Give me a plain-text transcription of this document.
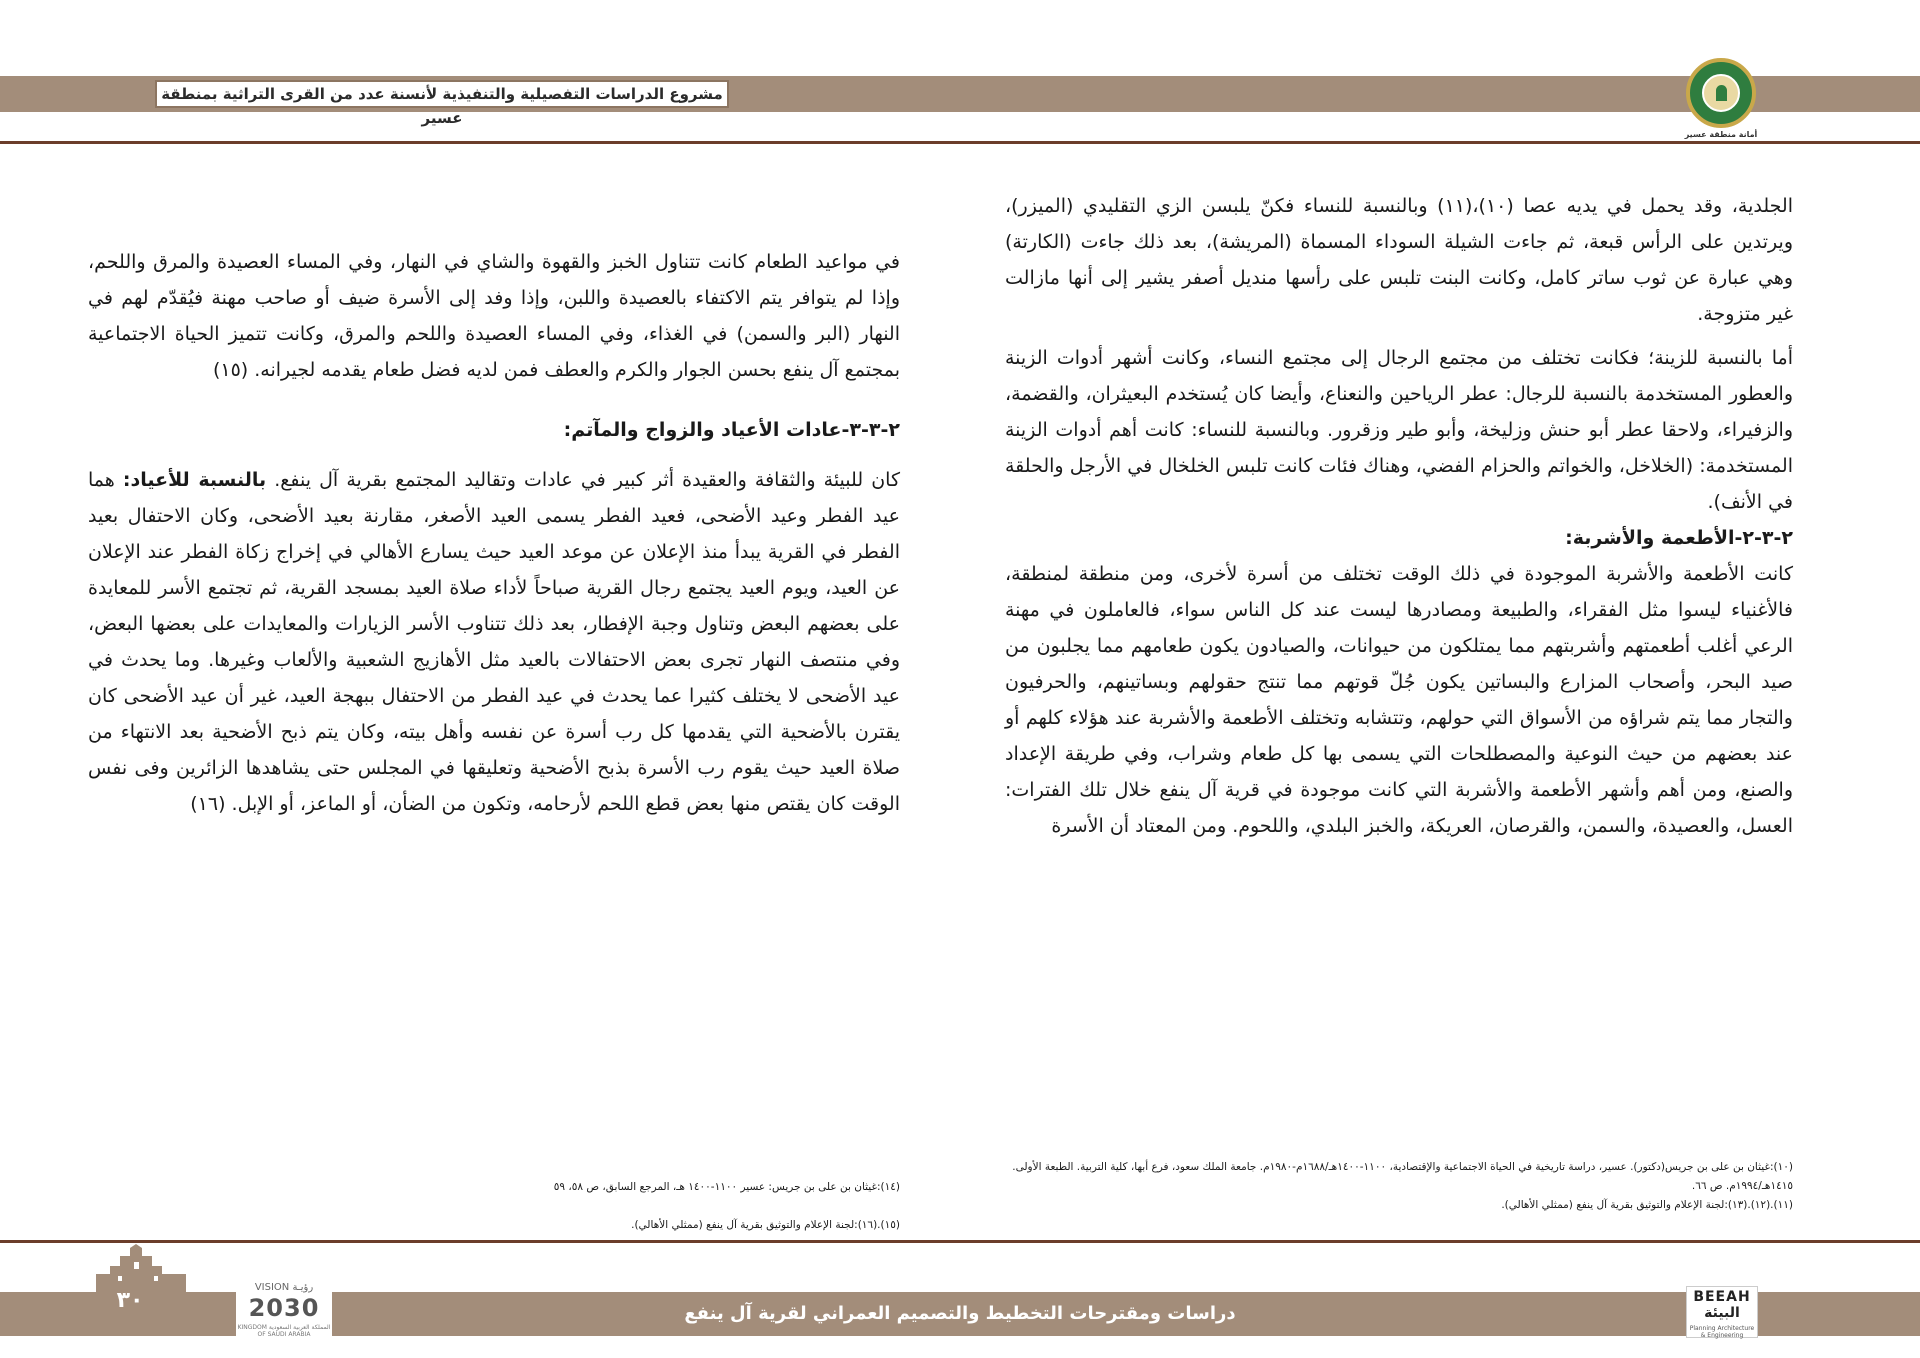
مشروع الدراسات التفصيلية والتنفيذية لأنسنة عدد من القرى التراثية بمنطقة عسير
أمانة منطقة عسير

الجلدية، وقد يحمل في يديه عصا (١٠)،(١١) وبالنسبة للنساء فكنّ يلبسن الزي التقليدي (الميزر)، ويرتدين على الرأس قبعة، ثم جاءت الشيلة السوداء المسماة (المريشة)، بعد ذلك جاءت (الكارتة) وهي عبارة عن ثوب ساتر كامل، وكانت البنت تلبس على رأسها منديل أصفر يشير إلى أنها مازالت غير متزوجة.

أما بالنسبة للزينة؛ فكانت تختلف من مجتمع الرجال إلى مجتمع النساء، وكانت أشهر أدوات الزينة والعطور المستخدمة بالنسبة للرجال: عطر الرياحين والنعناع، وأيضا كان يُستخدم البعيثران، والقضمة، والزفيراء، ولاحقا عطر أبو حنش وزليخة، وأبو طير وزقرور. وبالنسبة للنساء: كانت أهم أدوات الزينة المستخدمة: (الخلاخل، والخواتم والحزام الفضي، وهناك فئات كانت تلبس الخلخال في الأرجل والحلقة في الأنف).

٢-٣-٢-الأطعمة والأشربة:

كانت الأطعمة والأشربة الموجودة في ذلك الوقت تختلف من أسرة لأخرى، ومن منطقة لمنطقة، فالأغنياء ليسوا مثل الفقراء، والطبيعة ومصادرها ليست عند كل الناس سواء، فالعاملون في مهنة الرعي أغلب أطعمتهم وأشربتهم مما يمتلكون من حيوانات، والصيادون يكون طعامهم مما يجلبون من صيد البحر، وأصحاب المزارع والبساتين يكون جُلّ قوتهم مما تنتج حقولهم وبساتينهم، والحرفيون والتجار مما يتم شراؤه من الأسواق التي حولهم، وتتشابه وتختلف الأطعمة والأشربة عند هؤلاء كلهم أو عند بعضهم من حيث النوعية والمصطلحات التي يسمى بها كل طعام وشراب، وفي طريقة الإعداد والصنع، ومن أهم وأشهر الأطعمة والأشربة التي كانت موجودة في قرية آل ينفع خلال تلك الفترات: العسل، والعصيدة، والسمن، والقرصان، العريكة، والخبز البلدي، واللحوم. ومن المعتاد أن الأسرة

(١٠):غيثان بن على بن جريس(دكتور). عسير، دراسة تاريخية في الحياة الاجتماعية والإقتصادية، ١١٠٠-١٤٠٠هـ/١٦٨٨م-١٩٨٠م. جامعة الملك سعود، فرع أبها، كلية التربية. الطبعة الأولى. ١٤١٥هـ/١٩٩٤م. ص ٦٦.
(١١).(١٢).(١٣):لجنة الإعلام والتوثيق بقرية آل ينفع (ممثلي الأهالي).

في مواعيد الطعام كانت تتناول الخبز والقهوة والشاي في النهار، وفي المساء العصيدة والمرق واللحم، وإذا لم يتوافر يتم الاكتفاء بالعصيدة واللبن، وإذا وفد إلى الأسرة ضيف أو صاحب مهنة فيُقدّم لهم في النهار (البر والسمن) في الغذاء، وفي المساء العصيدة واللحم والمرق، وكانت تتميز الحياة الاجتماعية بمجتمع آل ينفع بحسن الجوار والكرم والعطف فمن لديه فضل طعام يقدمه لجيرانه. (١٥)

٢-٣-٣-عادات الأعياد والزواج والمآتم:

كان للبيئة والثقافة والعقيدة أثر كبير في عادات وتقاليد المجتمع بقرية آل ينفع. بالنسبة للأعياد: هما عيد الفطر وعيد الأضحى، فعيد الفطر يسمى العيد الأصغر، مقارنة بعيد الأضحى، وكان الاحتفال بعيد الفطر في القرية يبدأ منذ الإعلان عن موعد العيد حيث يسارع الأهالي في إخراج زكاة الفطر عند الإعلان عن العيد، ويوم العيد يجتمع رجال القرية صباحاً لأداء صلاة العيد بمسجد القرية، ثم تجتمع الأسر للمعايدة على بعضهم البعض وتناول وجبة الإفطار، بعد ذلك تتناوب الأسر الزيارات والمعايدات على بعضها البعض، وفي منتصف النهار تجرى بعض الاحتفالات بالعيد مثل الأهازيج الشعبية والألعاب وغيرها. وما يحدث في عيد الأضحى لا يختلف كثيرا عما يحدث في عيد الفطر من الاحتفال ببهجة العيد، غير أن عيد الأضحى كان يقترن بالأضحية التي يقدمها كل رب أسرة عن نفسه وأهل بيته، وكان يتم ذبح الأضحية بعد الانتهاء من صلاة العيد حيث يقوم رب الأسرة بذبح الأضحية وتعليقها في المجلس حتى يشاهدها الزائرين وفى نفس الوقت كان يقتص منها بعض قطع اللحم لأرحامه، وتكون من الضأن، أو الماعز، أو الإبل. (١٦)

(١٤):غيثان بن على بن جريس: عسير ١١٠٠-١٤٠٠ هـ، المرجع السابق، ص ٥٨، ٥٩
(١٥).(١٦):لجنة الإعلام والتوثيق بقرية آل ينفع (ممثلي الأهالي).
٣٠
رؤيـة VISION
2030
المملكة العربية السعودية KINGDOM OF SAUDI ARABIA
دراسات ومقترحات التخطيط والتصميم العمراني لقرية آل ينفع
BEEAH
البيئة
Planning Architecture & Engineering
